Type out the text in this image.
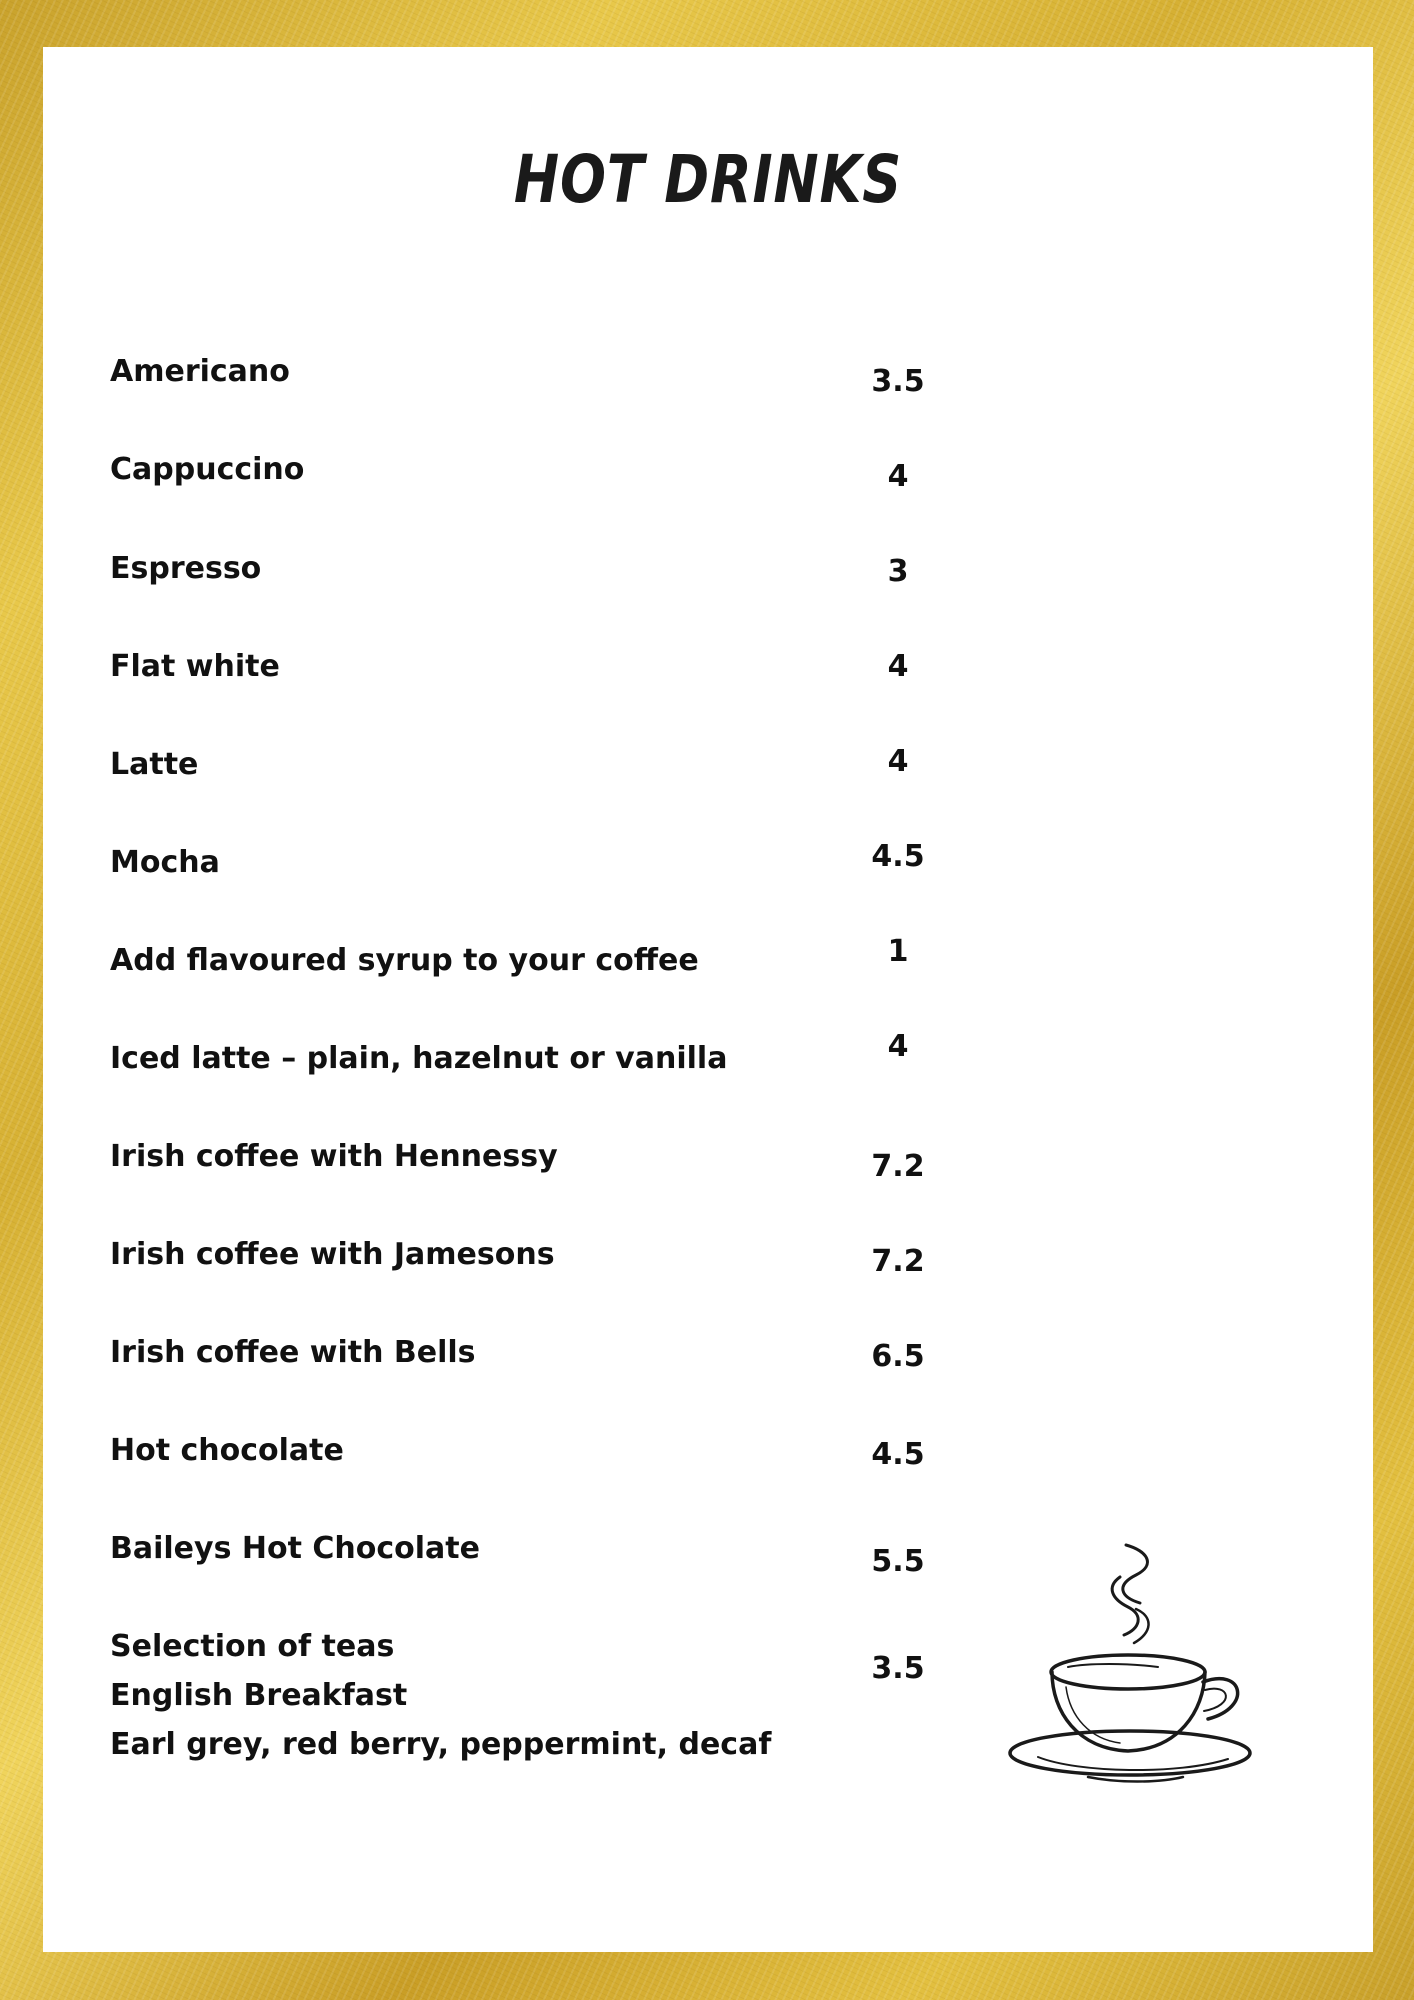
HOT DRINKS
Americano	3.5
Cappuccino	4
Espresso	3
Flat white	4
Latte	4
Mocha	4.5
Add flavoured syrup to your coffee	1
Iced latte – plain, hazelnut or vanilla	4
Irish coffee with Hennessy	7.2
Irish coffee with Jamesons	7.2
Irish coffee with Bells	6.5
Hot chocolate	4.5
Baileys Hot Chocolate	5.5
Selection of teas
English Breakfast
Earl grey, red berry, peppermint, decaf
3.5
